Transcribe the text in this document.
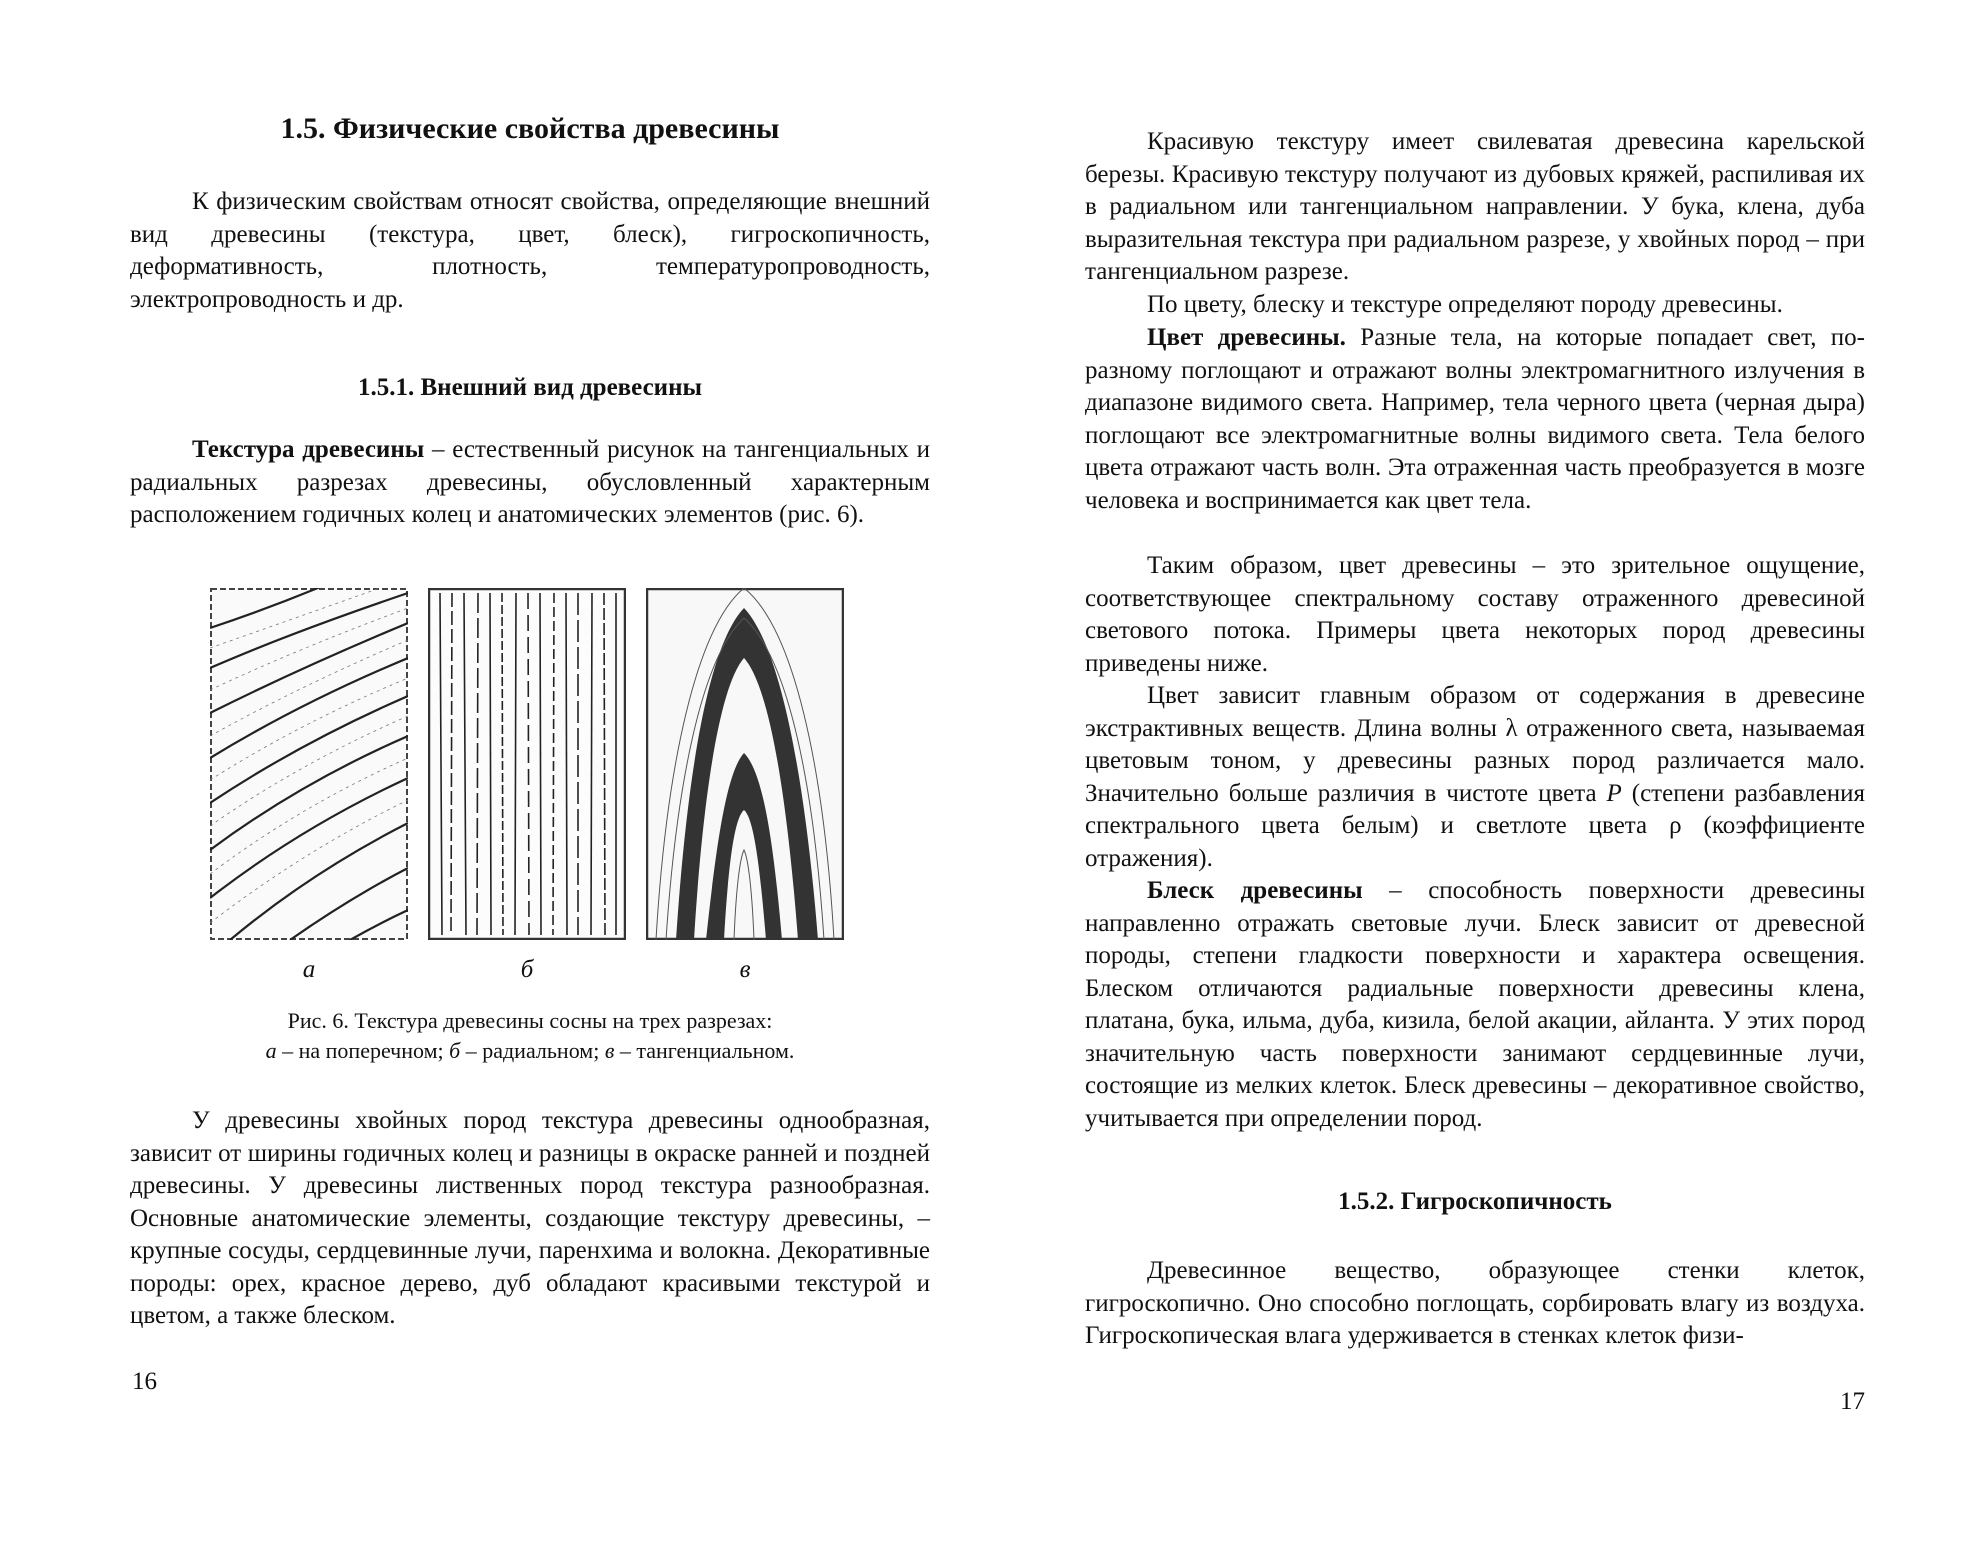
1.5. Физические свойства древесины

К физическим свойствам относят свойства, определяющие внешний вид древесины (текстура, цвет, блеск), гигроскопичность, деформативность, плотность, температуропроводность, электропроводность и др.

1.5.1. Внешний вид древесины

Текстура древесины – естественный рисунок на тангенциальных и радиальных разрезах древесины, обусловленный характерным расположением годичных колец и анатомических элементов (рис. 6).

У древесины хвойных пород текстура древесины однообразная, зависит от ширины годичных колец и разницы в окраске ранней и поздней древесины. У древесины лиственных пород текстура разнообразная. Основные анатомические элементы, создающие текстуру древесины, – крупные сосуды, сердцевинные лучи, паренхима и волокна. Декоративные породы: орех, красное дерево, дуб обладают красивыми текстурой и цветом, а также блеском.

16
а	б	в
Рис. 6. Текстура древесины сосны на трех разрезах:
а – на поперечном; б – радиальном; в – тангенциальном.

Красивую текстуру имеет свилеватая древесина карельской березы. Красивую текстуру получают из дубовых кряжей, распиливая их в радиальном или тангенциальном направлении. У бука, клена, дуба выразительная текстура при радиальном разрезе, у хвойных пород – при тангенциальном разрезе.

По цвету, блеску и текстуре определяют породу древесины.

Цвет древесины. Разные тела, на которые попадает свет, по-разному поглощают и отражают волны электромагнитного излучения в диапазоне видимого света. Например, тела черного цвета (черная дыра) поглощают все электромагнитные волны видимого света. Тела белого цвета отражают часть волн. Эта отраженная часть преобразуется в мозге человека и воспринимается как цвет тела.

Таким образом, цвет древесины – это зрительное ощущение, соответствующее спектральному составу отраженного древесиной светового потока. Примеры цвета некоторых пород древесины приведены ниже.

Цвет зависит главным образом от содержания в древесине экстрактивных веществ. Длина волны λ отраженного света, называемая цветовым тоном, у древесины разных пород различается мало. Значительно больше различия в чистоте цвета P (степени разбавления спектрального цвета белым) и светлоте цвета ρ (коэффициенте отражения).

Блеск древесины – способность поверхности древесины направленно отражать световые лучи. Блеск зависит от древесной породы, степени гладкости поверхности и характера освещения. Блеском отличаются радиальные поверхности древесины клена, платана, бука, ильма, дуба, кизила, белой акации, айланта. У этих пород значительную часть поверхности занимают сердцевинные лучи, состоящие из мелких клеток. Блеск древесины – декоративное свойство, учитывается при определении пород.

1.5.2. Гигроскопичность

Древесинное вещество, образующее стенки клеток, гигроскопично. Оно способно поглощать, сорбировать влагу из воздуха. Гигроскопическая влага удерживается в стенках клеток физи-

17
